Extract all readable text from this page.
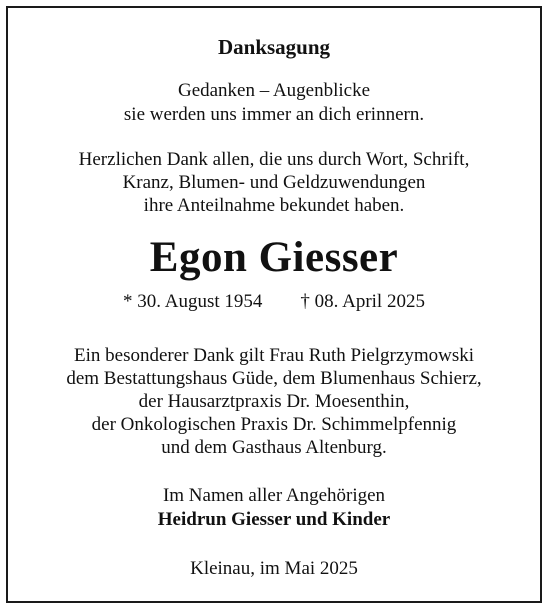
Danksagung
Gedanken – Augenblicke
sie werden uns immer an dich erinnern.
Herzlichen Dank allen, die uns durch Wort, Schrift,
Kranz, Blumen- und Geldzuwendungen
ihre Anteilnahme bekundet haben.
Egon Giesser
* 30. August 1954 † 08. April 2025
Ein besonderer Dank gilt Frau Ruth Pielgrzymowski
dem Bestattungshaus Güde, dem Blumenhaus Schierz,
der Hausarztpraxis Dr. Moesenthin,
der Onkologischen Praxis Dr. Schimmelpfennig
und dem Gasthaus Altenburg.
Im Namen aller Angehörigen
Heidrun Giesser und Kinder
Kleinau, im Mai 2025
